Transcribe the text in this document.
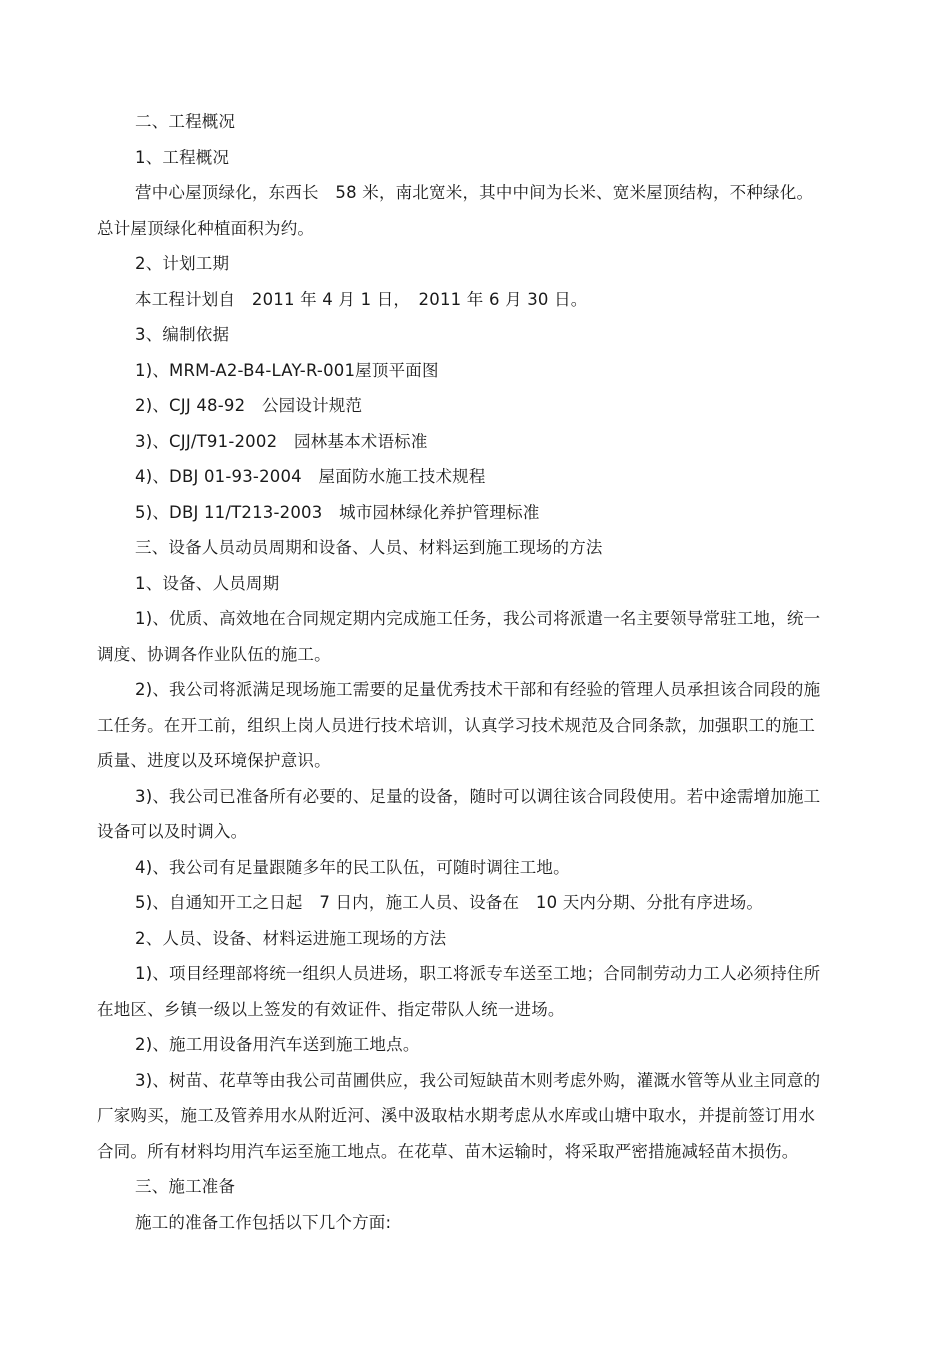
二、工程概况

1、工程概况

营中心屋顶绿化，东西长　58 米，南北宽米，其中中间为长米、宽米屋顶结构，不种绿化。总计屋顶绿化种植面积为约。

2、计划工期

本工程计划自　2011 年 4 月 1 日，　2011 年 6 月 30 日。

3、编制依据

1)、MRM-A2-B4-LAY-R-001屋顶平面图

2)、CJJ 48-92　公园设计规范

3)、CJJ/T91-2002　园林基本术语标准

4)、DBJ 01-93-2004　屋面防水施工技术规程

5)、DBJ 11/T213-2003　城市园林绿化养护管理标准

三、设备人员动员周期和设备、人员、材料运到施工现场的方法

1、设备、人员周期

1)、优质、高效地在合同规定期内完成施工任务，我公司将派遣一名主要领导常驻工地，统一调度、协调各作业队伍的施工。

2)、我公司将派满足现场施工需要的足量优秀技术干部和有经验的管理人员承担该合同段的施工任务。在开工前，组织上岗人员进行技术培训，认真学习技术规范及合同条款，加强职工的施工质量、进度以及环境保护意识。

3)、我公司已准备所有必要的、足量的设备，随时可以调往该合同段使用。若中途需增加施工设备可以及时调入。

4)、我公司有足量跟随多年的民工队伍，可随时调往工地。

5)、自通知开工之日起　7 日内，施工人员、设备在　10 天内分期、分批有序进场。

2、人员、设备、材料运进施工现场的方法

1)、项目经理部将统一组织人员进场，职工将派专车送至工地；合同制劳动力工人必须持住所在地区、乡镇一级以上签发的有效证件、指定带队人统一进场。

2)、施工用设备用汽车送到施工地点。

3)、树苗、花草等由我公司苗圃供应，我公司短缺苗木则考虑外购，灌溉水管等从业主同意的厂家购买，施工及管养用水从附近河、溪中汲取枯水期考虑从水库或山塘中取水，并提前签订用水合同。所有材料均用汽车运至施工地点。在花草、苗木运输时，将采取严密措施减轻苗木损伤。

三、施工准备

施工的准备工作包括以下几个方面:
